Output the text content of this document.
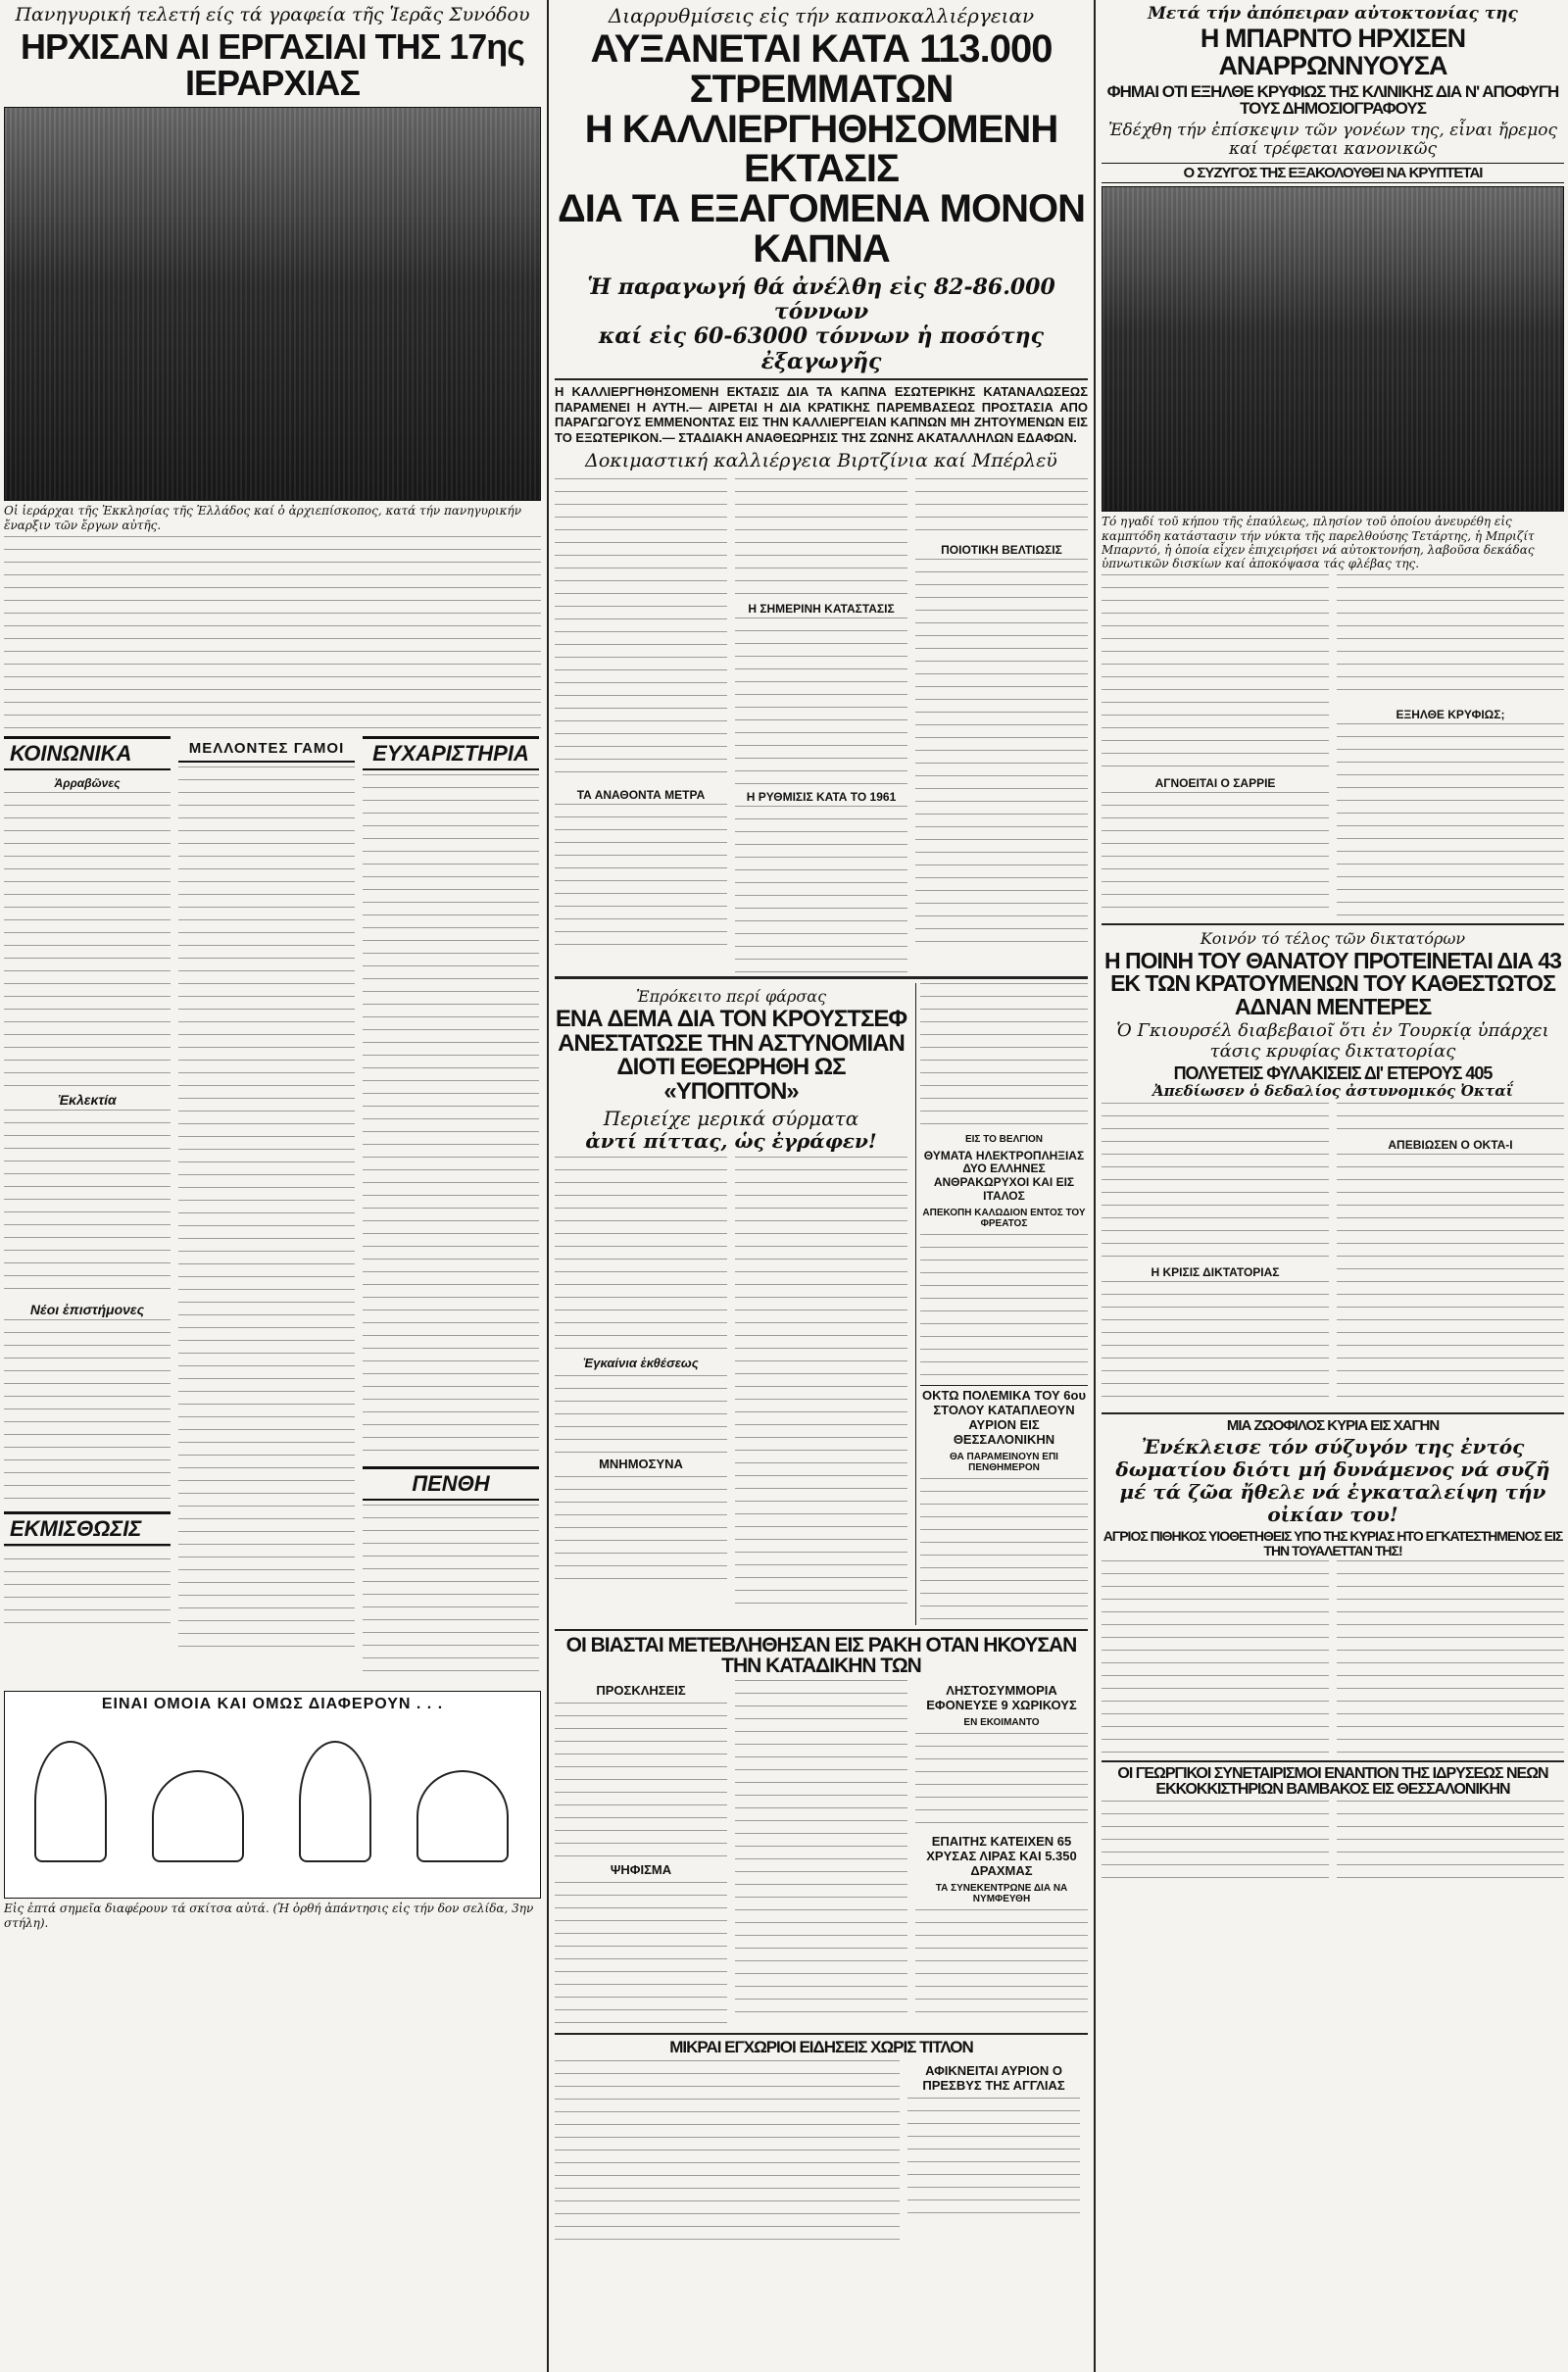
Πανηγυρική τελετή είς τά γραφεία τῆς Ἱερᾶς Συνόδου
ΗΡΧΙΣΑΝ ΑΙ ΕΡΓΑΣΙΑΙ ΤΗΣ 17ης ΙΕΡΑΡΧΙΑΣ
Οἱ ἱεράρχαι τῆς Ἐκκλησίας τῆς Ἑλλάδος καί ὁ ἀρχιεπίσκοπος, κατά τήν πανηγυρικήν ἔναρξιν τῶν ἔργων αὐτῆς.
ΚΟΙΝΩΝΙΚΑ
Ἀρραβῶνες
Ἐκλεκτία
Νέοι ἐπιστήμονες
ΕΚΜΙΣΘΩΣΙΣ
ΜΕΛΛΟΝΤΕΣ ΓΑΜΟΙ	ΕΥΧΑΡΙΣΤΗΡΙΑ
ΠΕΝΘΗ
ΕΙΝΑΙ ΟΜΟΙΑ ΚΑΙ ΟΜΩΣ ΔΙΑΦΕΡΟΥΝ . . .
Εἰς ἑπτά σημεῖα διαφέρουν τά σκίτσα αὐτά. (Ἡ ὀρθή ἀπάντησις εἰς τήν δον σελίδα, 3ην στήλη).
Διαρρυθμίσεις εἰς τήν καπνοκαλλιέργειαν
ΑΥΞΑΝΕΤΑΙ ΚΑΤΑ 113.000 ΣΤΡΕΜΜΑΤΩΝ
Η ΚΑΛΛΙΕΡΓΗΘΗΣΟΜΕΝΗ ΕΚΤΑΣΙΣ
ΔΙΑ ΤΑ ΕΞΑΓΟΜΕΝΑ ΜΟΝΟΝ ΚΑΠΝΑ
Ἡ παραγωγή θά ἀνέλθη εἰς 82-86.000 τόννων
καί εἰς 60-63000 τόννων ἡ ποσότης ἐξαγωγῆς
Η ΚΑΛΛΙΕΡΓΗΘΗΣΟΜΕΝΗ ΕΚΤΑΣΙΣ ΔΙΑ ΤΑ ΚΑΠΝΑ ΕΣΩΤΕΡΙΚΗΣ ΚΑΤΑΝΑΛΩΣΕΩΣ ΠΑΡΑΜΕΝΕΙ Η ΑΥΤΗ.— ΑΙΡΕΤΑΙ Η ΔΙΑ ΚΡΑΤΙΚΗΣ ΠΑΡΕΜΒΑΣΕΩΣ ΠΡΟΣΤΑΣΙΑ ΑΠΟ ΠΑΡΑΓΩΓΟΥΣ ΕΜΜΕΝΟΝΤΑΣ ΕΙΣ ΤΗΝ ΚΑΛΛΙΕΡΓΕΙΑΝ ΚΑΠΝΩΝ ΜΗ ΖΗΤΟΥΜΕΝΩΝ ΕΙΣ ΤΟ ΕΞΩΤΕΡΙΚΟΝ.— ΣΤΑΔΙΑΚΗ ΑΝΑΘΕΩΡΗΣΙΣ ΤΗΣ ΖΩΝΗΣ ΑΚΑΤΑΛΛΗΛΩΝ ΕΔΑΦΩΝ.
Δοκιμαστική καλλιέργεια Βιρτζίνια καί Μπέρλεϋ
ΤΑ ΑΝΑΘΟΝΤΑ ΜΕΤΡΑ
Η ΣΗΜΕΡΙΝΗ ΚΑΤΑΣΤΑΣΙΣ
Η ΡΥΘΜΙΣΙΣ ΚΑΤΑ ΤΟ 1961
ΠΟΙΟΤΙΚΗ ΒΕΛΤΙΩΣΙΣ
Ἐπρόκειτο περί φάρσας
ΕΝΑ ΔΕΜΑ ΔΙΑ ΤΟΝ ΚΡΟΥΣΤΣΕΦ ΑΝΕΣΤΑΤΩΣΕ ΤΗΝ ΑΣΤΥΝΟΜΙΑΝ ΔΙΟΤΙ ΕΘΕΩΡΗΘΗ ΩΣ «ΥΠΟΠΤΟΝ»
Περιείχε μερικά σύρματα
ἀντί πίττας, ὡς ἐγράφεν!
Ἐγκαίνια ἐκθέσεως
ΜΝΗΜΟΣΥΝΑ
ΕΙΣ ΤΟ ΒΕΛΓΙΟΝ
ΘΥΜΑΤΑ ΗΛΕΚΤΡΟΠΛΗΞΙΑΣ ΔΥΟ ΕΛΛΗΝΕΣ ΑΝΘΡΑΚΩΡΥΧΟΙ ΚΑΙ ΕΙΣ ΙΤΑΛΟΣ
ΑΠΕΚΟΠΗ ΚΑΛΩΔΙΟΝ ΕΝΤΟΣ ΤΟΥ ΦΡΕΑΤΟΣ
ΟΚΤΩ ΠΟΛΕΜΙΚΑ ΤΟΥ 6ου ΣΤΟΛΟΥ ΚΑΤΑΠΛΕΟΥΝ ΑΥΡΙΟΝ ΕΙΣ ΘΕΣΣΑΛΟΝΙΚΗΝ
ΘΑ ΠΑΡΑΜΕΙΝΟΥΝ ΕΠΙ ΠΕΝΘΗΜΕΡΟΝ
ΟΙ ΒΙΑΣΤΑΙ ΜΕΤΕΒΛΗΘΗΣΑΝ ΕΙΣ ΡΑΚΗ ΟΤΑΝ ΗΚΟΥΣΑΝ ΤΗΝ ΚΑΤΑΔΙΚΗΝ ΤΩΝ
ΠΡΟΣΚΛΗΣΕΙΣ
ΨΗΦΙΣΜΑ
ΛΗΣΤΟΣΥΜΜΟΡΙΑ ΕΦΟΝΕΥΣΕ 9 ΧΩΡΙΚΟΥΣ
ΕΝ ΕΚΟΙΜΑΝΤΟ
ΕΠΑΙΤΗΣ ΚΑΤΕΙΧΕΝ 65 ΧΡΥΣΑΣ ΛΙΡΑΣ ΚΑΙ 5.350 ΔΡΑΧΜΑΣ
ΤΑ ΣΥΝΕΚΕΝΤΡΩΝΕ ΔΙΑ ΝΑ ΝΥΜΦΕΥΘΗ
ΜΙΚΡΑΙ ΕΓΧΩΡΙΟΙ ΕΙΔΗΣΕΙΣ ΧΩΡΙΣ ΤΙΤΛΟΝ
ΑΦΙΚΝΕΙΤΑΙ ΑΥΡΙΟΝ Ο ΠΡΕΣΒΥΣ ΤΗΣ ΑΓΓΛΙΑΣ
Μετά τήν ἀπόπειραν αὐτοκτονίας της
Η ΜΠΑΡΝΤΟ ΗΡΧΙΣΕΝ ΑΝΑΡΡΩΝΝΥΟΥΣΑ
ΦΗΜΑΙ ΟΤΙ ΕΞΗΛΘΕ ΚΡΥΦΙΩΣ ΤΗΣ ΚΛΙΝΙΚΗΣ ΔΙΑ Ν' ΑΠΟΦΥΓΗ ΤΟΥΣ ΔΗΜΟΣΙΟΓΡΑΦΟΥΣ
Ἐδέχθη τήν ἐπίσκεψιν τῶν γονέων της, εἶναι ἤρεμος καί τρέφεται κανονικῶς
Ο ΣΥΖΥΓΟΣ ΤΗΣ ΕΞΑΚΟΛΟΥΘΕΙ ΝΑ ΚΡΥΠΤΕΤΑΙ
Τό ηγαδί τοῦ κήπου τῆς ἐπαύλεως, πλησίον τοῦ ὁποίου ἀνευρέθη εἰς καμπτόδη κατάστασιν τήν νύκτα τῆς παρελθούσης Τετάρτης, ἡ Μπριζίτ Μπαρντό, ἡ ὁποία εἶχεν ἐπιχειρήσει νά αὐτοκτονήση, λαβοῦσα δεκάδας ὑπνωτικῶν δισκίων καί ἀποκόψασα τάς φλέβας της.
ΑΓΝΟΕΙΤΑΙ Ο ΣΑΡΡΙΕ
ΕΞΗΛΘΕ ΚΡΥΦΙΩΣ;
Κοινόν τό τέλος τῶν δικτατόρων
Η ΠΟΙΝΗ ΤΟΥ ΘΑΝΑΤΟΥ ΠΡΟΤΕΙΝΕΤΑΙ ΔΙΑ 43 ΕΚ ΤΩΝ ΚΡΑΤΟΥΜΕΝΩΝ ΤΟΥ ΚΑΘΕΣΤΩΤΟΣ ΑΔΝΑΝ ΜΕΝΤΕΡΕΣ
Ὁ Γκιουρσέλ διαβεβαιοῖ ὅτι ἐν Τουρκίᾳ ὑπάρχει τάσις κρυφίας δικτατορίας
ΠΟΛΥΕΤΕΙΣ ΦΥΛΑΚΙΣΕΙΣ ΔΙ' ΕΤΕΡΟΥΣ 405
Ἀπεδίωσεν ὁ δεδαλίος ἀστυνομικός Ὀκταΐ
Η ΚΡΙΣΙΣ ΔΙΚΤΑΤΟΡΙΑΣ
ΑΠΕΒΙΩΣΕΝ Ο ΟΚΤΑ-Ι
ΜΙΑ ΖΩΟΦΙΛΟΣ ΚΥΡΙΑ ΕΙΣ ΧΑΓΗΝ
Ἐνέκλεισε τόν σύζυγόν της ἐντός δωματίου διότι μή δυνάμενος νά συζῆ μέ τά ζῶα ἤθελε νά ἐγκαταλείψη τήν οἰκίαν του!
ΑΓΡΙΟΣ ΠΙΘΗΚΟΣ ΥΙΟΘΕΤΗΘΕΙΣ ΥΠΟ ΤΗΣ ΚΥΡΙΑΣ ΗΤΟ ΕΓΚΑΤΕΣΤΗΜΕΝΟΣ ΕΙΣ ΤΗΝ ΤΟΥΑΛΕΤΤΑΝ ΤΗΣ!
ΟΙ ΓΕΩΡΓΙΚΟΙ ΣΥΝΕΤΑΙΡΙΣΜΟΙ ΕΝΑΝΤΙΟΝ ΤΗΣ ΙΔΡΥΣΕΩΣ ΝΕΩΝ ΕΚΚΟΚΚΙΣΤΗΡΙΩΝ ΒΑΜΒΑΚΟΣ ΕΙΣ ΘΕΣΣΑΛΟΝΙΚΗΝ
